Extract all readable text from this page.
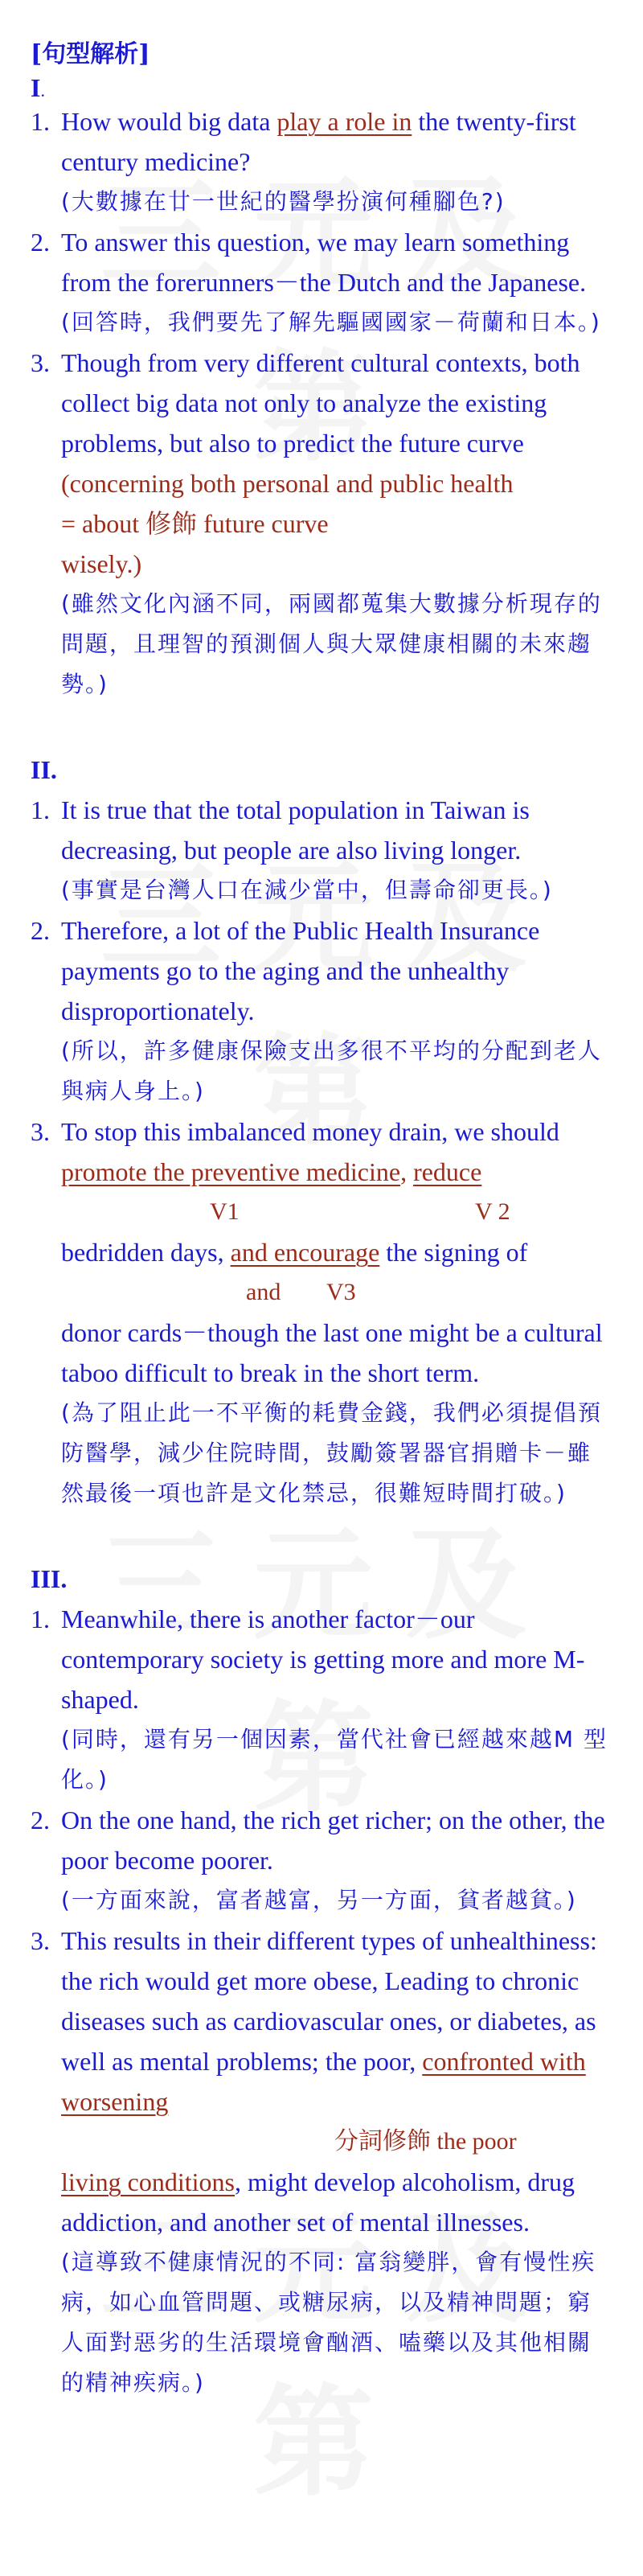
[句型解析]
I.
1. How would big data play a role in the twenty-first century medicine?
(大數據在廿一世紀的醫學扮演何種腳色?)
2. To answer this question, we may learn something from the forerunners－the Dutch and the Japanese.
(回答時，我們要先了解先驅國國家－荷蘭和日本。)
3. Though from very different cultural contexts, both collect big data not only to analyze the existing problems, but also to predict the future curve
(concerning both personal and public health
= about 修飾 future curve
wisely.)
(雖然文化內涵不同，兩國都蒐集大數據分析現存的問題，且理智的預測個人與大眾健康相關的未來趨勢。)
II.
1. It is true that the total population in Taiwan is decreasing, but people are also living longer.
(事實是台灣人口在減少當中，但壽命卻更長。)
2. Therefore, a lot of the Public Health Insurance payments go to the aging and the unhealthy disproportionately.
(所以，許多健康保險支出多很不平均的分配到老人與病人身上。)
3. To stop this imbalanced money drain, we should promote the preventive medicine, reduce
V1	V 2
bedridden days, and encourage the signing of
and V3
donor cards－though the last one might be a cultural taboo difficult to break in the short term.
(為了阻止此一不平衡的耗費金錢，我們必須提倡預防醫學，減少住院時間，鼓勵簽署器官捐贈卡－雖然最後一項也許是文化禁忌，很難短時間打破。)
III.
1. Meanwhile, there is another factor－our contemporary society is getting more and more M-shaped.
(同時，還有另一個因素，當代社會已經越來越M 型化。)
2. On the one hand, the rich get richer; on the other, the poor become poorer.
(一方面來說，富者越富，另一方面，貧者越貧。)
3. This results in their different types of unhealthiness: the rich would get more obese, Leading to chronic diseases such as cardiovascular ones, or diabetes, as well as mental problems; the poor, confronted with worsening
分詞修飾 the poor
living conditions, might develop alcoholism, drug addiction, and another set of mental illnesses.
(這導致不健康情況的不同: 富翁變胖，會有慢性疾病，如心血管問題、或糖尿病，以及精神問題；窮人面對惡劣的生活環境會酗酒、嗑藥以及其他相關的精神疾病。)
